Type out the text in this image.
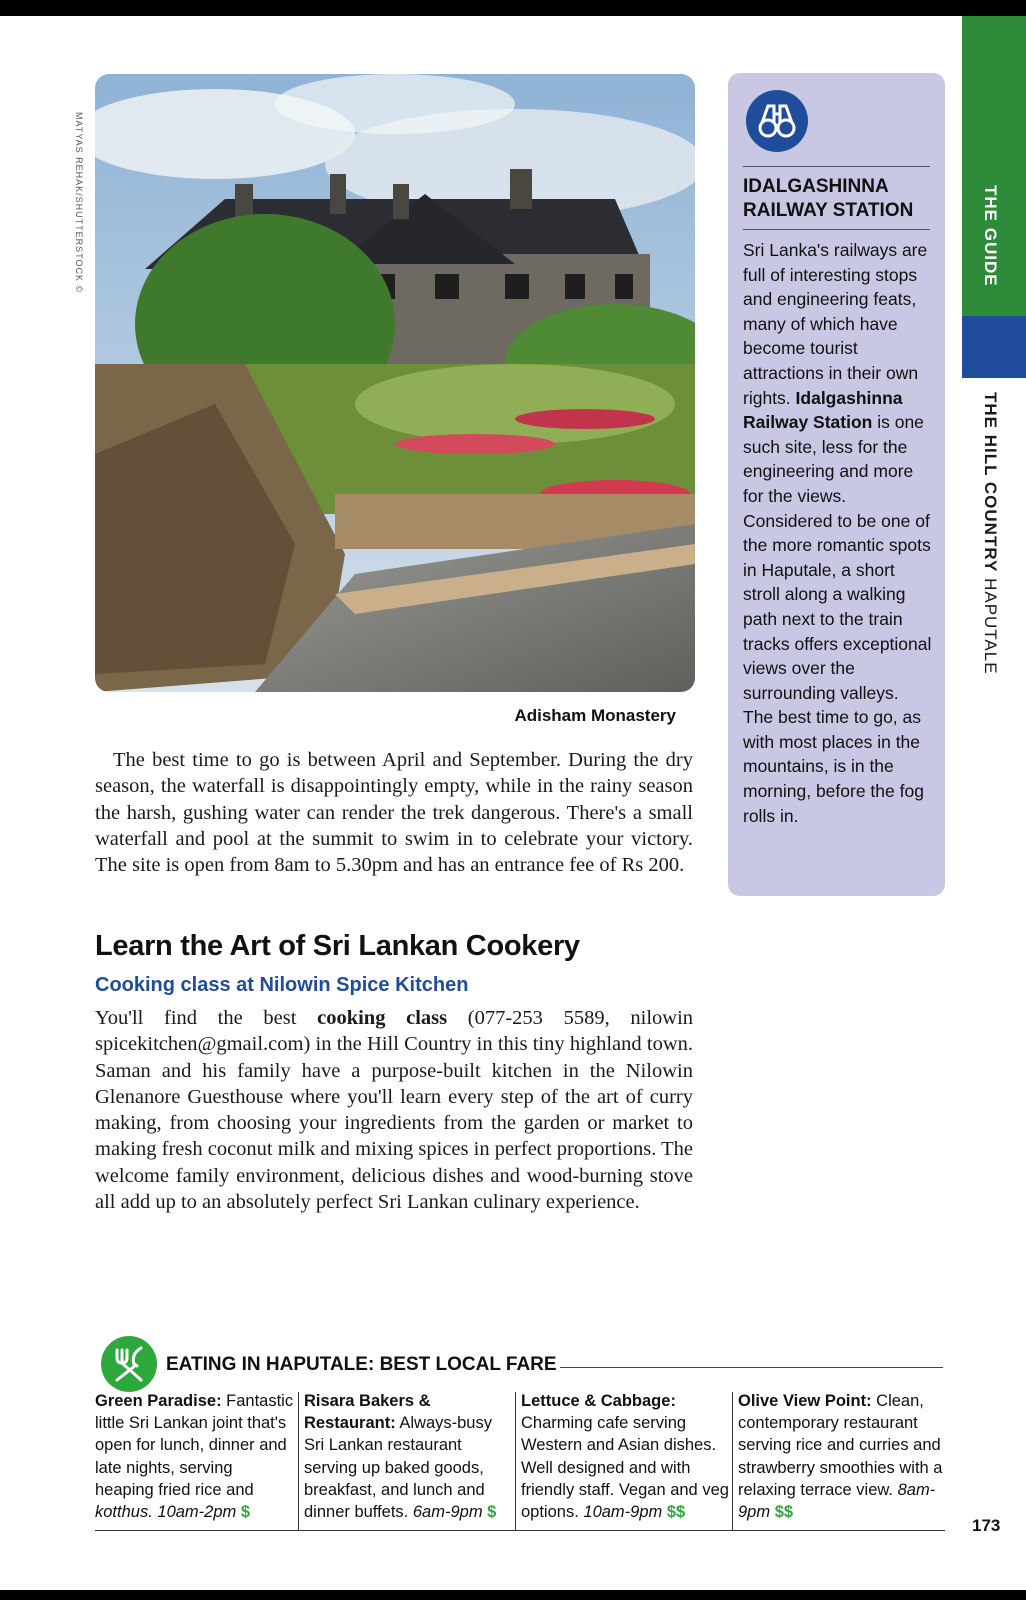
THE GUIDE
THE HILL COUNTRY HAPUTALE
MATYAS REHAK/SHUTTERSTOCK ©
Adisham Monastery
IDALGASHINNA RAILWAY STATION
Sri Lanka's railways are full of interesting stops and engineering feats, many of which have become tourist attractions in their own rights. Idalgashinna Railway Station is one such site, less for the engineering and more for the views. Considered to be one of the more romantic spots in Haputale, a short stroll along a walking path next to the train tracks offers exceptional views over the surrounding valleys. The best time to go, as with most places in the mountains, is in the morning, before the fog rolls in.
The best time to go is between April and September. During the dry season, the waterfall is disappointingly empty, while in the rainy season the harsh, gushing water can render the trek dangerous. There's a small waterfall and pool at the summit to swim in to celebrate your victory. The site is open from 8am to 5.30pm and has an entrance fee of Rs 200.
Learn the Art of Sri Lankan Cookery
Cooking class at Nilowin Spice Kitchen
You'll find the best cooking class (077-253 5589, nilowin spicekitchen@gmail.com) in the Hill Country in this tiny highland town. Saman and his family have a purpose-built kitchen in the Nilowin Glenanore Guesthouse where you'll learn every step of the art of curry making, from choosing your ingredients from the garden or market to making fresh coconut milk and mixing spices in perfect proportions. The welcome family environment, delicious dishes and wood-burning stove all add up to an absolutely perfect Sri Lankan culinary experience.
EATING IN HAPUTALE: BEST LOCAL FARE
Green Paradise: Fantastic little Sri Lankan joint that's open for lunch, dinner and late nights, serving heaping fried rice and kotthus. 10am-2pm $
Risara Bakers & Restaurant: Always-busy Sri Lankan restaurant serving up baked goods, breakfast, and lunch and dinner buffets. 6am-9pm $
Lettuce & Cabbage: Charming cafe serving Western and Asian dishes. Well designed and with friendly staff. Vegan and veg options. 10am-9pm $$
Olive View Point: Clean, contemporary restaurant serving rice and curries and strawberry smoothies with a relaxing terrace view. 8am-9pm $$
173
